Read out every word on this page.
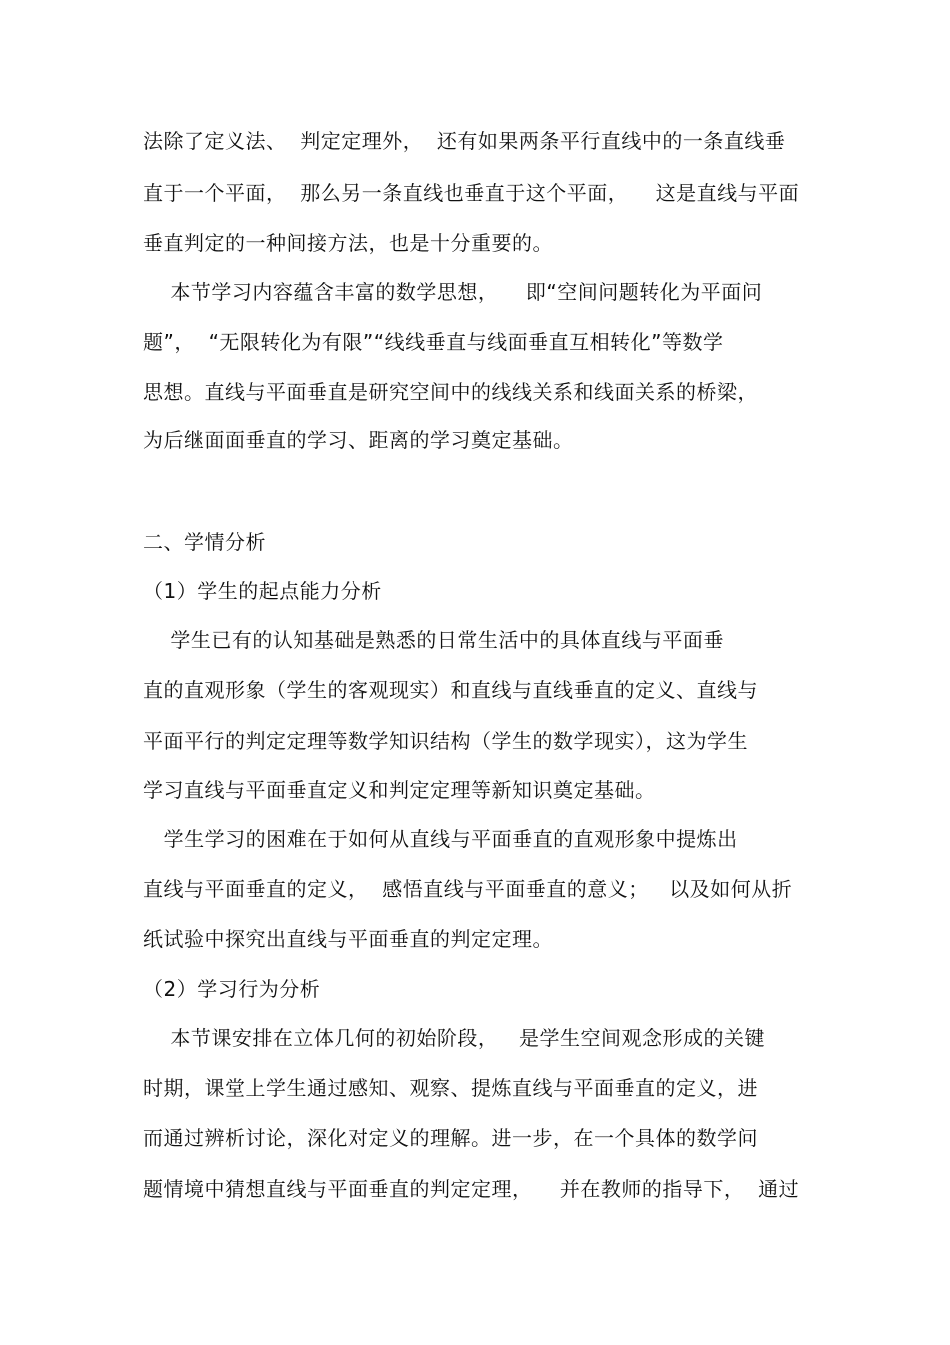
法除了定义法、  判定定理外，  还有如果两条平行直线中的一条直线垂
直于一个平面，  那么另一条直线也垂直于这个平面，    这是直线与平面
垂直判定的一种间接方法，也是十分重要的。
本节学习内容蕴含丰富的数学思想，    即“空间问题转化为平面问
题”，  “无限转化为有限”“线线垂直与线面垂直互相转化”等数学
思想。直线与平面垂直是研究空间中的线线关系和线面关系的桥梁，
为后继面面垂直的学习、距离的学习奠定基础。
二、学情分析
（1）学生的起点能力分析
学生已有的认知基础是熟悉的日常生活中的具体直线与平面垂
直的直观形象（学生的客观现实）和直线与直线垂直的定义、直线与
平面平行的判定定理等数学知识结构（学生的数学现实），这为学生
学习直线与平面垂直定义和判定定理等新知识奠定基础。
学生学习的困难在于如何从直线与平面垂直的直观形象中提炼出
直线与平面垂直的定义，  感悟直线与平面垂直的意义；   以及如何从折
纸试验中探究出直线与平面垂直的判定定理。
（2）学习行为分析
本节课安排在立体几何的初始阶段，   是学生空间观念形成的关键
时期，课堂上学生通过感知、观察、提炼直线与平面垂直的定义，进
而通过辨析讨论，深化对定义的理解。进一步，在一个具体的数学问
题情境中猜想直线与平面垂直的判定定理，    并在教师的指导下，  通过
